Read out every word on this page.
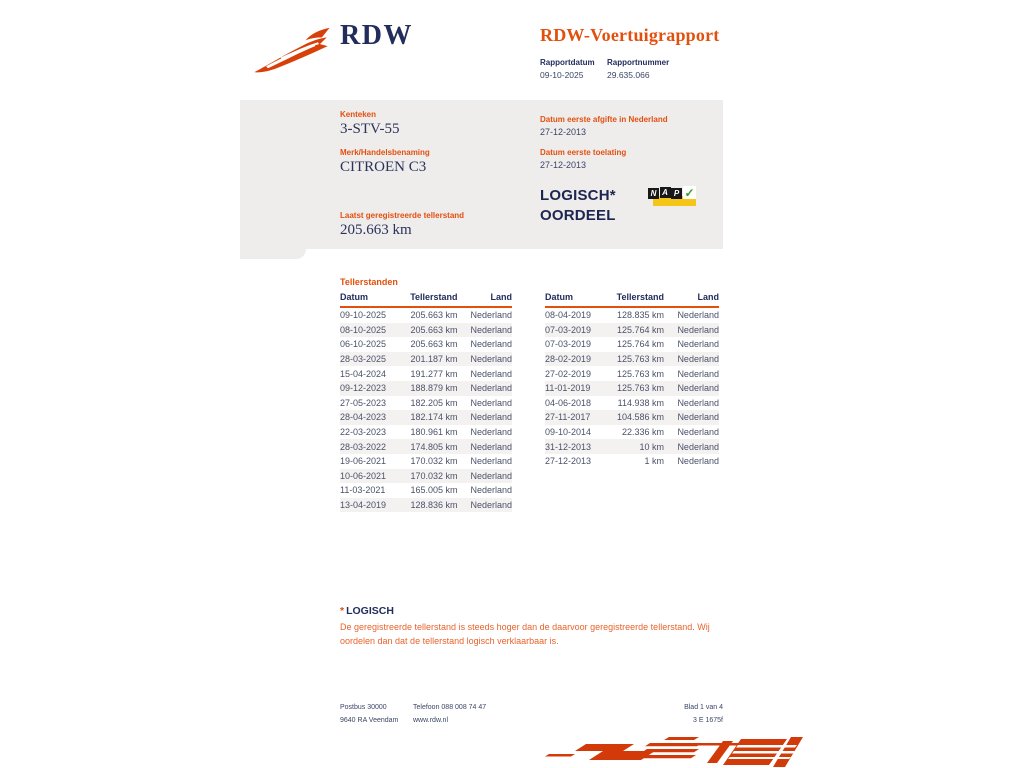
RDW	RDW-Voertuigrapport
Rapportdatum
09-10-2025
Rapportnummer
29.635.066
Kenteken
3-STV-55
Merk/Handelsbenaming
CITROEN C3
Laatst geregistreerde tellerstand
205.663 km
Datum eerste afgifte in Nederland
27-12-2013
Datum eerste toelating
27-12-2013
LOGISCH*
OORDEEL
N A P ✓
Tellerstanden
Datum	Tellerstand	Land
09-10-2025	205.663 km	Nederland
08-10-2025	205.663 km	Nederland
06-10-2025	205.663 km	Nederland
28-03-2025	201.187 km	Nederland
15-04-2024	191.277 km	Nederland
09-12-2023	188.879 km	Nederland
27-05-2023	182.205 km	Nederland
28-04-2023	182.174 km	Nederland
22-03-2023	180.961 km	Nederland
28-03-2022	174.805 km	Nederland
19-06-2021	170.032 km	Nederland
10-06-2021	170.032 km	Nederland
11-03-2021	165.005 km	Nederland
13-04-2019	128.836 km	Nederland
Datum	Tellerstand	Land
08-04-2019	128.835 km	Nederland
07-03-2019	125.764 km	Nederland
07-03-2019	125.764 km	Nederland
28-02-2019	125.763 km	Nederland
27-02-2019	125.763 km	Nederland
11-01-2019	125.763 km	Nederland
04-06-2018	114.938 km	Nederland
27-11-2017	104.586 km	Nederland
09-10-2014	22.336 km	Nederland
31-12-2013	10 km	Nederland
27-12-2013	1 km	Nederland
* LOGISCH
De geregistreerde tellerstand is steeds hoger dan de daarvoor geregistreerde tellerstand. Wij oordelen dan dat de tellerstand logisch verklaarbaar is.
Postbus 30000
9640 RA Veendam
Telefoon 088 008 74 47
www.rdw.nl
Blad 1 van 4
3 E 1675f
